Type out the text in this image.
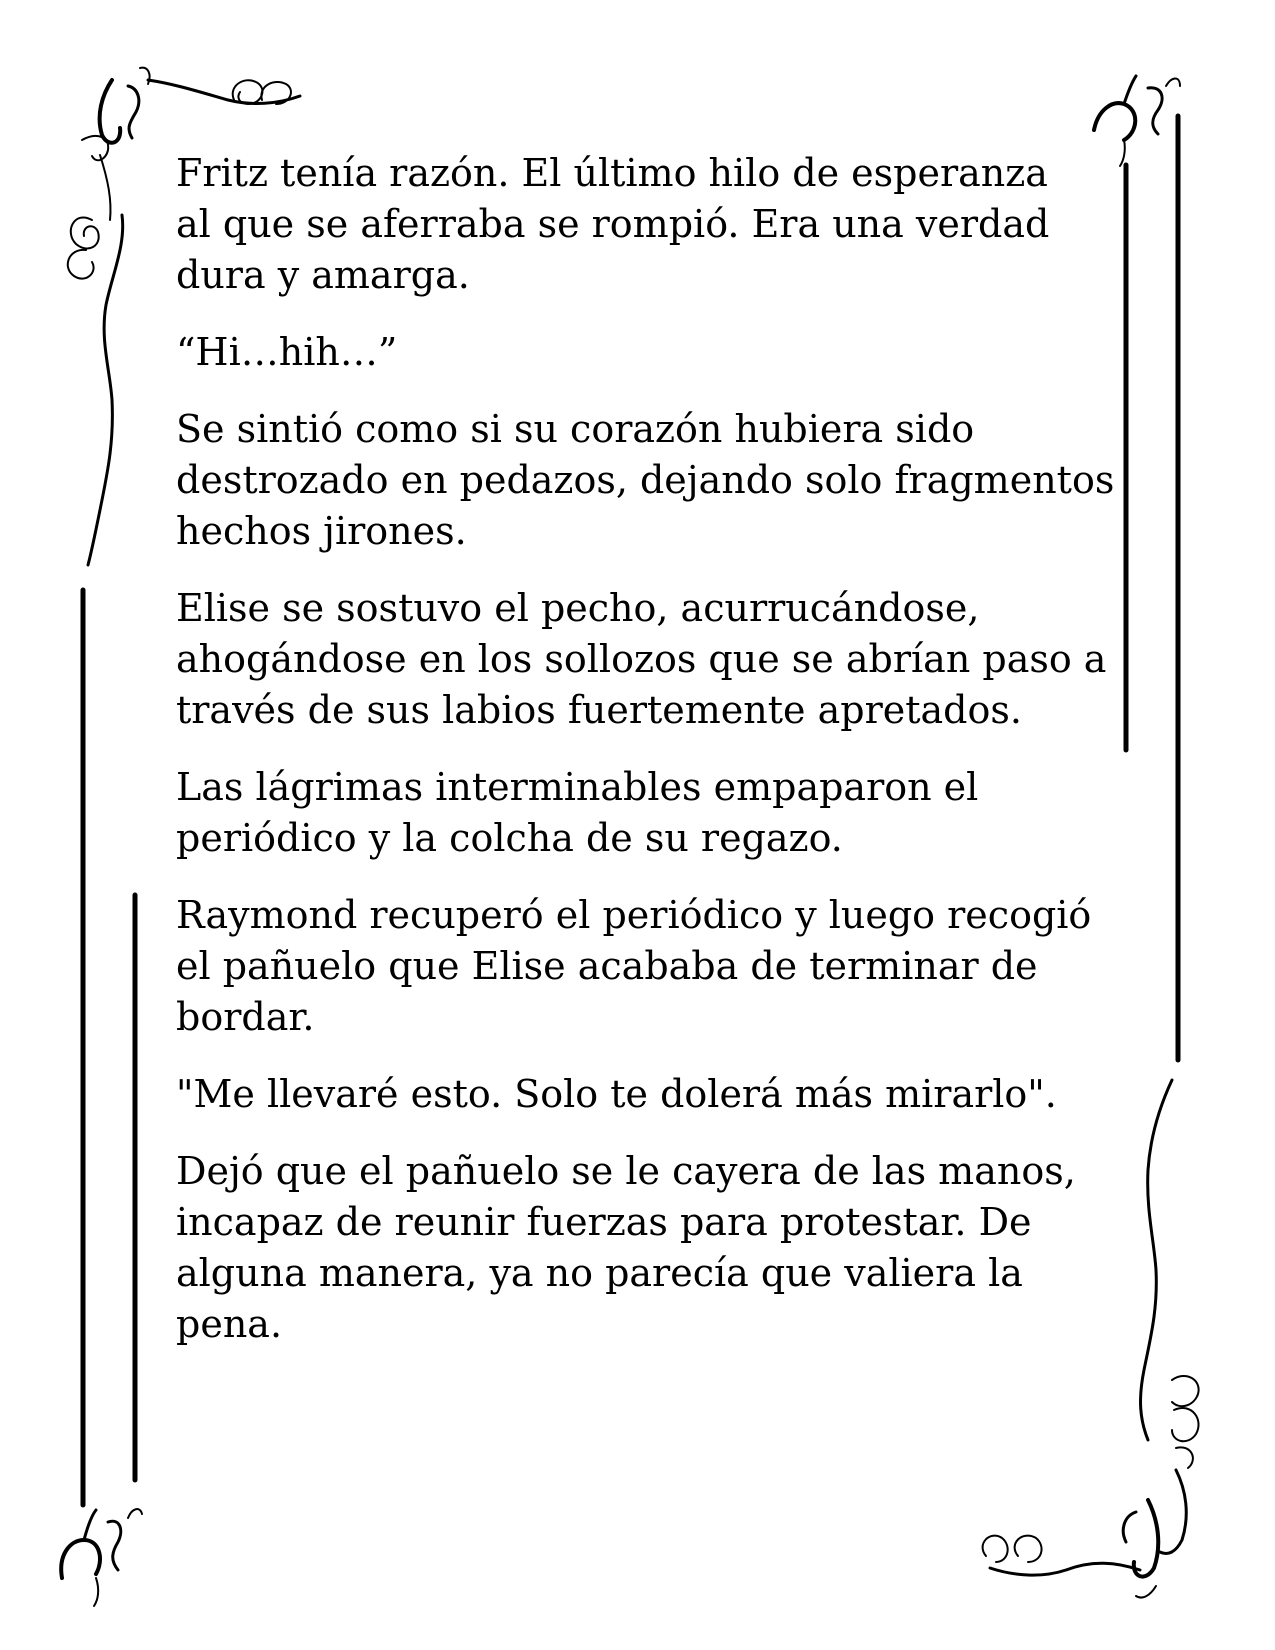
Fritz tenía razón. El último hilo de esperanza
al que se aferraba se rompió. Era una verdad
dura y amarga.

“Hi…hih…”

Se sintió como si su corazón hubiera sido
destrozado en pedazos, dejando solo fragmentos
hechos jirones.

Elise se sostuvo el pecho, acurrucándose,
ahogándose en los sollozos que se abrían paso a
través de sus labios fuertemente apretados.

Las lágrimas interminables empaparon el
periódico y la colcha de su regazo.

Raymond recuperó el periódico y luego recogió
el pañuelo que Elise acababa de terminar de
bordar.

"Me llevaré esto. Solo te dolerá más mirarlo".

Dejó que el pañuelo se le cayera de las manos,
incapaz de reunir fuerzas para protestar. De
alguna manera, ya no parecía que valiera la
pena.
